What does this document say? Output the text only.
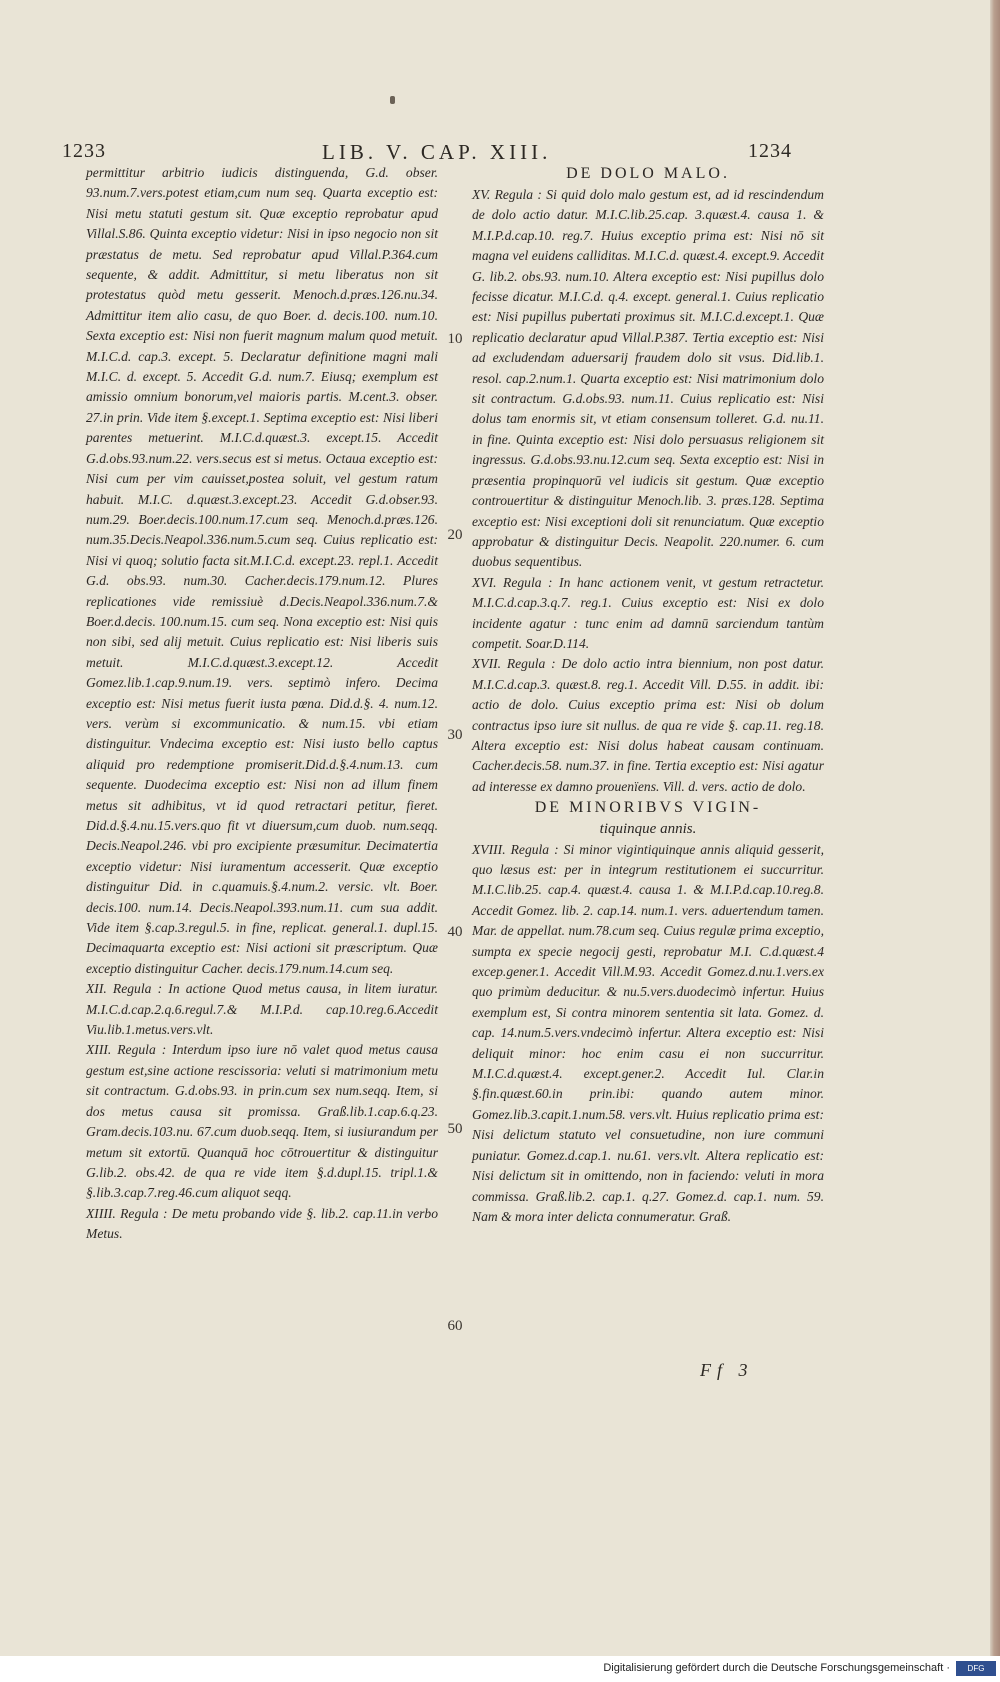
1233	LIB. V. CAP. XIII.	1234

permittitur arbitrio iudicis distinguenda, G.d. obser. 93.num.7.vers.potest etiam,cum num seq. Quarta exceptio est: Nisi metu statuti gestum sit. Quæ exceptio reprobatur apud Villal.S.86. Quinta exceptio videtur: Nisi in ipso negocio non sit præstatus de metu. Sed reprobatur apud Villal.P.364.cum sequente, & addit. Admittitur, si metu liberatus non sit protestatus quòd metu gesserit. Menoch.d.præs.126.nu.34. Admittitur item alio casu, de quo Boer. d. decis.100. num.10. Sexta exceptio est: Nisi non fuerit magnum malum quod metuit. M.I.C.d. cap.3. except. 5. Declaratur definitione magni mali M.I.C. d. except. 5. Accedit G.d. num.7. Eiusq; exemplum est amissio omnium bonorum,vel maioris partis. M.cent.3. obser. 27.in prin. Vide item §.except.1. Septima exceptio est: Nisi liberi parentes metuerint. M.I.C.d.quæst.3. except.15. Accedit G.d.obs.93.num.22. vers.secus est si metus. Octaua exceptio est: Nisi cum per vim cauisset,postea soluit, vel gestum ratum habuit. M.I.C. d.quæst.3.except.23. Accedit G.d.obser.93. num.29. Boer.decis.100.num.17.cum seq. Menoch.d.præs.126. num.35.Decis.Neapol.336.num.5.cum seq. Cuius replicatio est: Nisi vi quoq; solutio facta sit.M.I.C.d. except.23. repl.1. Accedit G.d. obs.93. num.30. Cacher.decis.179.num.12. Plures replicationes vide remissiuè d.Decis.Neapol.336.num.7.& Boer.d.decis. 100.num.15. cum seq. Nona exceptio est: Nisi quis non sibi, sed alij metuit. Cuius replicatio est: Nisi liberis suis metuit. M.I.C.d.quæst.3.except.12. Accedit Gomez.lib.1.cap.9.num.19. vers. septimò infero. Decima exceptio est: Nisi metus fuerit iusta pœna. Did.d.§. 4. num.12. vers. verùm si excommunicatio. & num.15. vbi etiam distinguitur. Vndecima exceptio est: Nisi iusto bello captus aliquid pro redemptione promiserit.Did.d.§.4.num.13. cum sequente. Duodecima exceptio est: Nisi non ad illum finem metus sit adhibitus, vt id quod retractari petitur, fieret. Did.d.§.4.nu.15.vers.quo fit vt diuersum,cum duob. num.seqq. Decis.Neapol.246. vbi pro excipiente præsumitur. Decimatertia exceptio videtur: Nisi iuramentum accesserit. Quæ exceptio distinguitur Did. in c.quamuis.§.4.num.2. versic. vlt. Boer. decis.100. num.14. Decis.Neapol.393.num.11. cum sua addit. Vide item §.cap.3.regul.5. in fine, replicat. general.1. dupl.15. Decimaquarta exceptio est: Nisi actioni sit præscriptum. Quæ exceptio distinguitur Cacher. decis.179.num.14.cum seq.

XII. Regula : In actione Quod metus causa, in litem iuratur. M.I.C.d.cap.2.q.6.regul.7.& M.I.P.d. cap.10.reg.6.Accedit Viu.lib.1.metus.vers.vlt.

XIII. Regula : Interdum ipso iure nō valet quod metus causa gestum est,sine actione rescissoria: veluti si matrimonium metu sit contractum. G.d.obs.93. in prin.cum sex num.seqq. Item, si dos metus causa sit promissa. Graß.lib.1.cap.6.q.23. Gram.decis.103.nu. 67.cum duob.seqq. Item, si iusiurandum per metum sit extortū. Quanquā hoc cōtrouertitur & distinguitur G.lib.2. obs.42. de qua re vide item §.d.dupl.15. tripl.1.& §.lib.3.cap.7.reg.46.cum aliquot seqq.

XIIII. Regula : De metu probando vide §. lib.2. cap.11.in verbo Metus.

DE DOLO MALO.

XV. Regula : Si quid dolo malo gestum est, ad id rescindendum de dolo actio datur. M.I.C.lib.25.cap. 3.quæst.4. causa 1. & M.I.P.d.cap.10. reg.7. Huius exceptio prima est: Nisi nō sit magna vel euidens calliditas. M.I.C.d. quæst.4. except.9. Accedit G. lib.2. obs.93. num.10. Altera exceptio est: Nisi pupillus dolo fecisse dicatur. M.I.C.d. q.4. except. general.1. Cuius replicatio est: Nisi pupillus pubertati proximus sit. M.I.C.d.except.1. Quæ replicatio declaratur apud Villal.P.387. Tertia exceptio est: Nisi ad excludendam aduersarij fraudem dolo sit vsus. Did.lib.1. resol. cap.2.num.1. Quarta exceptio est: Nisi matrimonium dolo sit contractum. G.d.obs.93. num.11. Cuius replicatio est: Nisi dolus tam enormis sit, vt etiam consensum tolleret. G.d. nu.11. in fine. Quinta exceptio est: Nisi dolo persuasus religionem sit ingressus. G.d.obs.93.nu.12.cum seq. Sexta exceptio est: Nisi in præsentia propinquorū vel iudicis sit gestum. Quæ exceptio controuertitur & distinguitur Menoch.lib. 3. præs.128. Septima exceptio est: Nisi exceptioni doli sit renunciatum. Quæ exceptio approbatur & distinguitur Decis. Neapolit. 220.numer. 6. cum duobus sequentibus.

XVI. Regula : In hanc actionem venit, vt gestum retractetur. M.I.C.d.cap.3.q.7. reg.1. Cuius exceptio est: Nisi ex dolo incidente agatur : tunc enim ad damnū sarciendum tantùm competit. Soar.D.114.

XVII. Regula : De dolo actio intra biennium, non post datur. M.I.C.d.cap.3. quæst.8. reg.1. Accedit Vill. D.55. in addit. ibi: actio de dolo. Cuius exceptio prima est: Nisi ob dolum contractus ipso iure sit nullus. de qua re vide §. cap.11. reg.18. Altera exceptio est: Nisi dolus habeat causam continuam. Cacher.decis.58. num.37. in fine. Tertia exceptio est: Nisi agatur ad interesse ex damno prouenïens. Vill. d. vers. actio de dolo.

DE MINORIBVS VIGIN-

tiquinque annis.

XVIII. Regula : Si minor vigintiquinque annis aliquid gesserit, quo læsus est: per in integrum restitutionem ei succurritur. M.I.C.lib.25. cap.4. quæst.4. causa 1. & M.I.P.d.cap.10.reg.8. Accedit Gomez. lib. 2. cap.14. num.1. vers. aduertendum tamen. Mar. de appellat. num.78.cum seq. Cuius regulæ prima exceptio, sumpta ex specie negocij gesti, reprobatur M.I. C.d.quæst.4 excep.gener.1. Accedit Vill.M.93. Accedit Gomez.d.nu.1.vers.ex quo primùm deducitur. & nu.5.vers.duodecimò infertur. Huius exemplum est, Si contra minorem sententia sit lata. Gomez. d. cap. 14.num.5.vers.vndecimò infertur. Altera exceptio est: Nisi deliquit minor: hoc enim casu ei non succurritur. M.I.C.d.quæst.4. except.gener.2. Accedit Iul. Clar.in §.fin.quæst.60.in prin.ibi: quando autem minor. Gomez.lib.3.capit.1.num.58. vers.vlt. Huius replicatio prima est: Nisi delictum statuto vel consuetudine, non iure communi puniatur. Gomez.d.cap.1. nu.61. vers.vlt. Altera replicatio est: Nisi delictum sit in omittendo, non in faciendo: veluti in mora commissa. Graß.lib.2. cap.1. q.27. Gomez.d. cap.1. num. 59. Nam & mora inter delicta connumeratur. Graß.

10
20
30
40
50
60
Ff 3
Digitalisierung gefördert durch die Deutsche Forschungsgemeinschaft ·	DFG
